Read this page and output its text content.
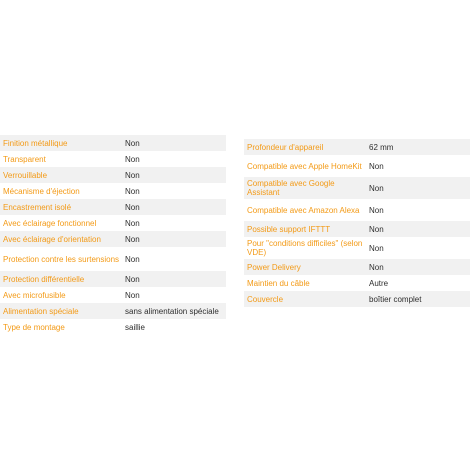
Finition métallique	Non
Transparent	Non
Verrouillable	Non
Mécanisme d'éjection	Non
Encastrement isolé	Non
Avec éclairage fonctionnel	Non
Avec éclairage d'orientation	Non
Protection contre les surtensions	Non
Protection différentielle	Non
Avec microfusible	Non
Alimentation spéciale	sans alimentation spéciale
Type de montage	saillie
Profondeur d'appareil	62 mm
Compatible avec Apple HomeKit	Non
Compatible avec Google Assistant	Non
Compatible avec Amazon Alexa	Non
Possible support IFTTT	Non
Pour "conditions difficiles" (selon VDE)	Non
Power Delivery	Non
Maintien du câble	Autre
Couvercle	boîtier complet
